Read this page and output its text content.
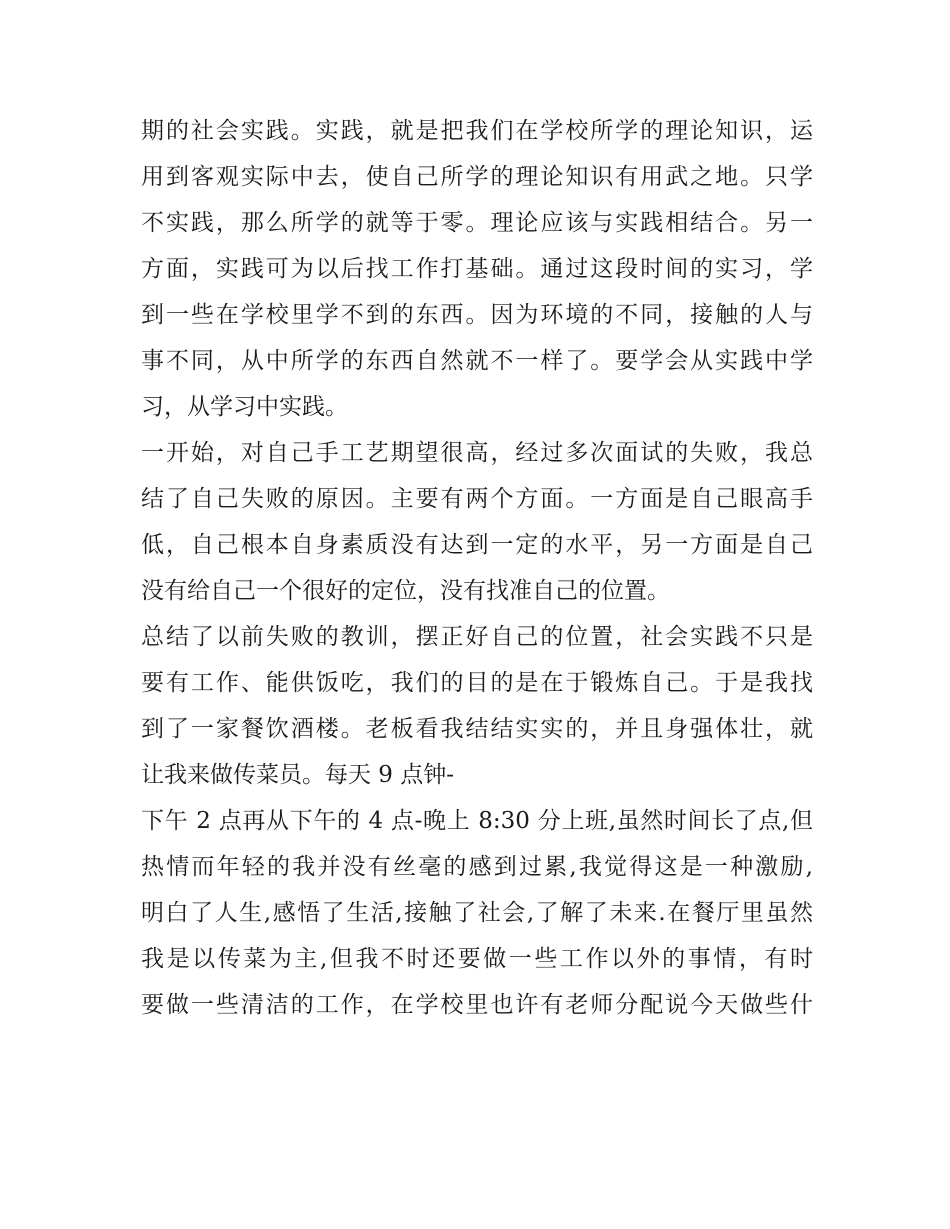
期的社会实践。实践，就是把我们在学校所学的理论知识，运
用到客观实际中去，使自己所学的理论知识有用武之地。只学
不实践，那么所学的就等于零。理论应该与实践相结合。另一
方面，实践可为以后找工作打基础。通过这段时间的实习，学
到一些在学校里学不到的东西。因为环境的不同，接触的人与
事不同，从中所学的东西自然就不一样了。要学会从实践中学
习，从学习中实践。
一开始，对自己手工艺期望很高，经过多次面试的失败，我总
结了自己失败的原因。主要有两个方面。一方面是自己眼高手
低，自己根本自身素质没有达到一定的水平，另一方面是自己
没有给自己一个很好的定位，没有找准自己的位置。
总结了以前失败的教训，摆正好自己的位置，社会实践不只是
要有工作、能供饭吃，我们的目的是在于锻炼自己。于是我找
到了一家餐饮酒楼。老板看我结结实实的，并且身强体壮，就
让我来做传菜员。每天 9 点钟-
下午 2 点再从下午的 4 点-晚上 8:30 分上班,虽然时间长了点,但
热情而年轻的我并没有丝毫的感到过累,我觉得这是一种激励,
明白了人生,感悟了生活,接触了社会,了解了未来.在餐厅里虽然
我是以传菜为主,但我不时还要做一些工作以外的事情，有时
要做一些清洁的工作，在学校里也许有老师分配说今天做些什
